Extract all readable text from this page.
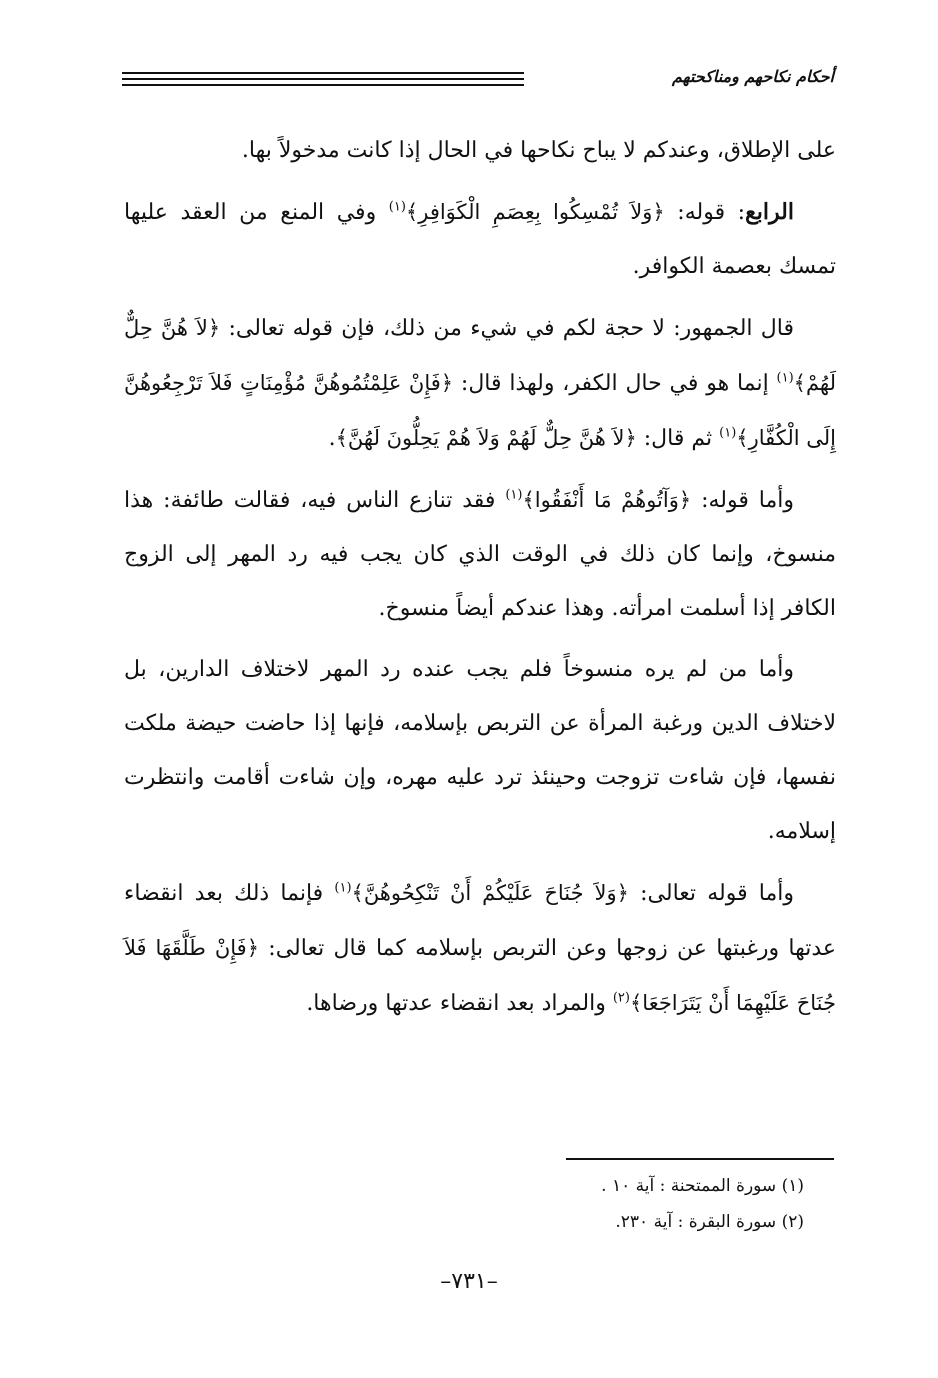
أحكام نكاحهم ومناكحتهم

على الإطلاق، وعندكم لا يباح نكاحها في الحال إذا كانت مدخولاً بها.

الرابع: قوله: ﴿وَلاَ تُمْسِكُوا بِعِصَمِ الْكَوَافِرِ﴾$^{(١)}$ وفي المنع من العقد عليها تمسك بعصمة الكوافر.

قال الجمهور: لا حجة لكم في شيء من ذلك، فإن قوله تعالى: ﴿لاَ هُنَّ حِلٌّ لَهُمْ﴾$^{(١)}$ إنما هو في حال الكفر، ولهذا قال: ﴿فَإِنْ عَلِمْتُمُوهُنَّ مُؤْمِنَاتٍ فَلاَ تَرْجِعُوهُنَّ إِلَى الْكُفَّارِ﴾$^{(١)}$ ثم قال: ﴿لاَ هُنَّ حِلٌّ لَهُمْ وَلاَ هُمْ يَحِلُّونَ لَهُنَّ﴾.

وأما قوله: ﴿وَآتُوهُمْ مَا أَنْفَقُوا﴾$^{(١)}$ فقد تنازع الناس فيه، فقالت طائفة: هذا منسوخ، وإنما كان ذلك في الوقت الذي كان يجب فيه رد المهر إلى الزوج الكافر إذا أسلمت امرأته. وهذا عندكم أيضاً منسوخ.

وأما من لم يره منسوخاً فلم يجب عنده رد المهر لاختلاف الدارين، بل لاختلاف الدين ورغبة المرأة عن التربص بإسلامه، فإنها إذا حاضت حيضة ملكت نفسها، فإن شاءت تزوجت وحينئذ ترد عليه مهره، وإن شاءت أقامت وانتظرت إسلامه.

وأما قوله تعالى: ﴿وَلاَ جُنَاحَ عَلَيْكُمْ أَنْ تَنْكِحُوهُنَّ﴾$^{(١)}$ فإنما ذلك بعد انقضاء عدتها ورغبتها عن زوجها وعن التربص بإسلامه كما قال تعالى: ﴿فَإِنْ طَلَّقَهَا فَلاَ جُنَاحَ عَلَيْهِمَا أَنْ يَتَرَاجَعَا﴾$^{(٢)}$ والمراد بعد انقضاء عدتها ورضاها.

(١) سورة الممتحنة : آية ١٠ .
(٢) سورة البقرة : آية ٢٣٠.
–٧٣١–
